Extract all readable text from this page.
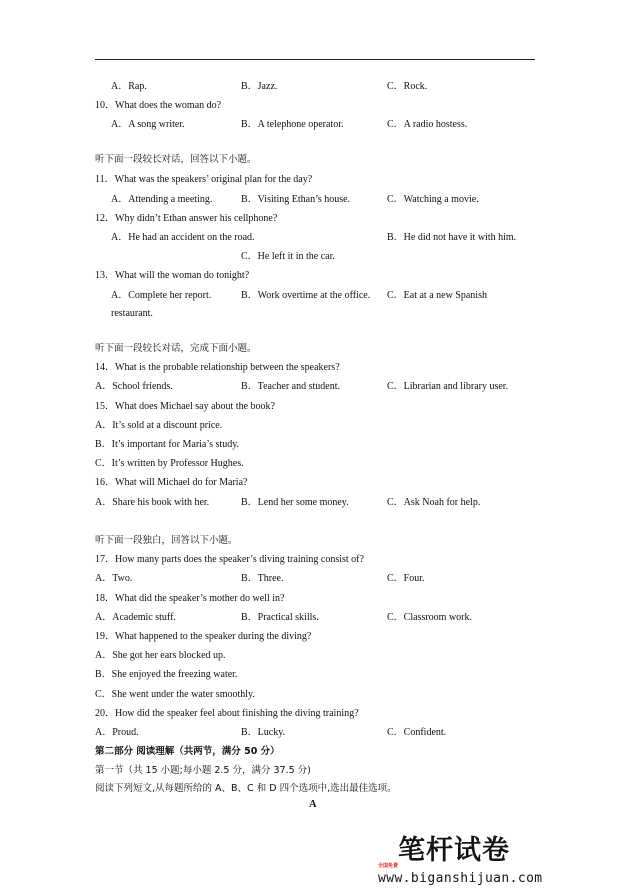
A．Rap.	B．Jazz.	C．Rock.
10．What does the woman do?
A．A song writer.	B．A telephone operator.	C．A radio hostess.
听下面一段较长对话，回答以下小题。
11．What was the speakers’ original plan for the day?
A．Attending a meeting.	B．Visiting Ethan’s house.	C．Watching a movie.
12．Why didn’t Ethan answer his cellphone?
A．He had an accident on the road.	B．He did not have it with him.
C．He left it in the car.
13．What will the woman do tonight?
A．Complete her report.	B．Work overtime at the office. C．Eat at a new Spanish
restaurant.
听下面一段较长对话，完成下面小题。
14．What is the probable relationship between the speakers?
A．School friends.	B．Teacher and student.	C．Librarian and library user.
15．What does Michael say about the book?
A．It’s sold at a discount price.
B．It’s important for Maria’s study.
C．It’s written by Professor Hughes.
16．What will Michael do for Maria?
A．Share his book with her.	B．Lend her some money.	C．Ask Noah for help.
听下面一段独白，回答以下小题。
17．How many parts does the speaker’s diving training consist of?
A．Two.	B．Three.	C．Four.
18．What did the speaker’s mother do well in?
A．Academic stuff.	B．Practical skills.	C．Classroom work.
19．What happened to the speaker during the diving?
A．She got her ears blocked up.
B．She enjoyed the freezing water.
C．She went under the water smoothly.
20．How did the speaker feel about finishing the diving training?
A．Proud.	B．Lucky.	C．Confident.
第二部分 阅读理解（共两节，满分 50 分）
第一节（共 15 小题;每小题 2.5 分，满分 37.5 分)
阅读下列短文,从每题所给的 A、B、C 和 D 四个选项中,选出最佳选项。
A
全国免费 笔杆试卷
www.biganshijuan.com
